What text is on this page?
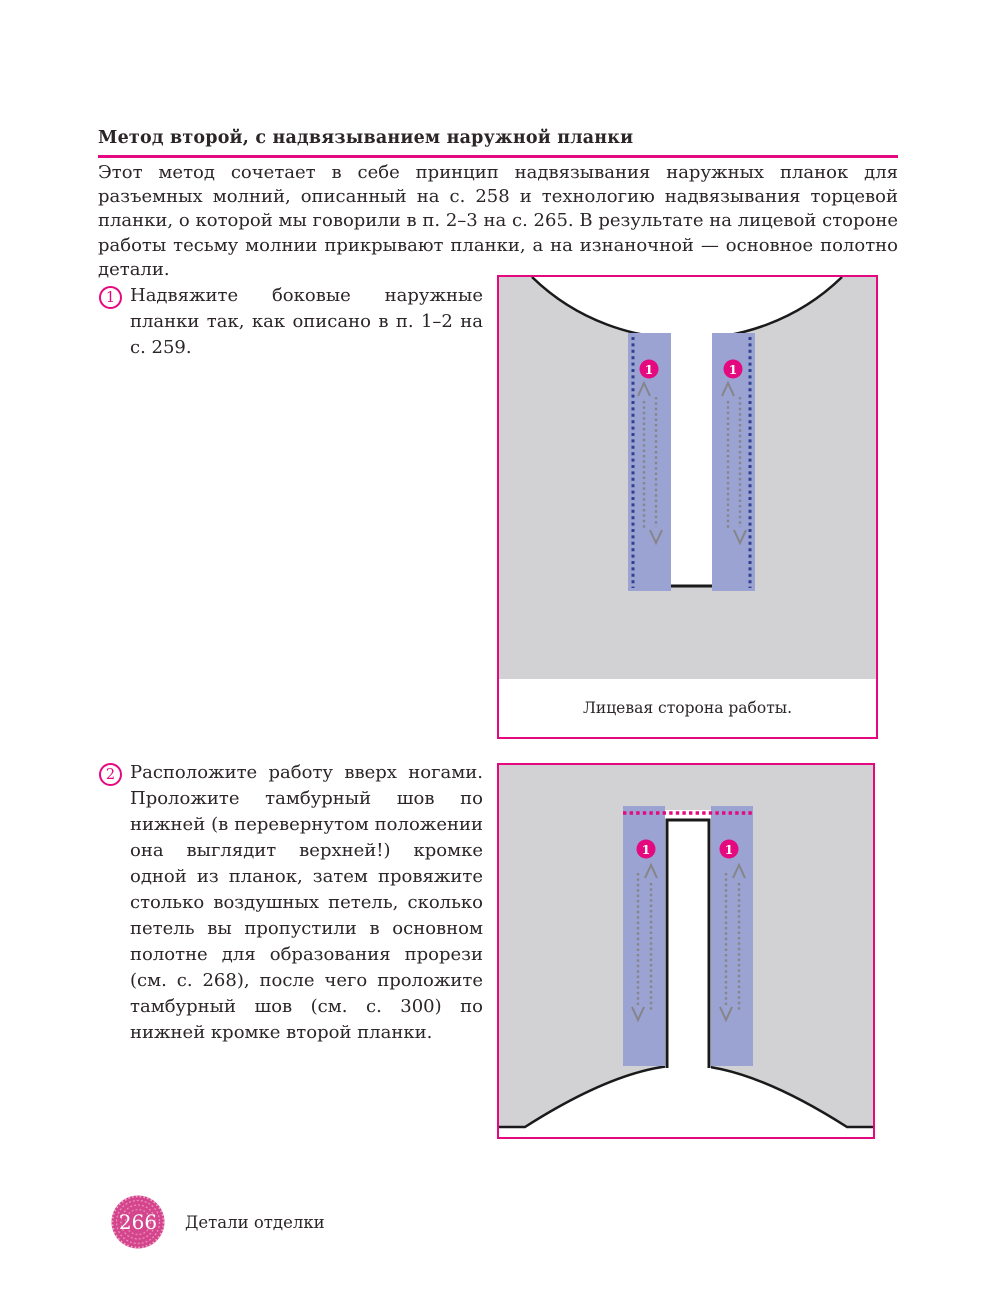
Метод второй, с надвязыванием наружной планки

Этот метод сочетает в себе принцип надвязывания наружных планок для разъемных молний, описанный на с. 258 и технологию надвязывания торцевой планки, о которой мы говорили в п. 2–3 на с. 265. В результате на лицевой стороне работы тесьму молнии прикрывают планки, а на изнаночной — основное полотно детали.

1 Надвяжите боковые наружные планки так, как описано в п. 1–2 на с. 259.

1	1
Лицевая сторона работы.
2 Расположите работу вверх ногами. Проложите тамбурный шов по нижней (в перевернутом положении она выглядит верхней!) кромке одной из планок, затем провяжите столько воздушных петель, сколько петель вы пропустили в основном полотне для образования прорези (см. с. 268), после чего проложите тамбурный шов (см. с. 300) по нижней кромке второй планки.

1	1
266 Детали отделки
